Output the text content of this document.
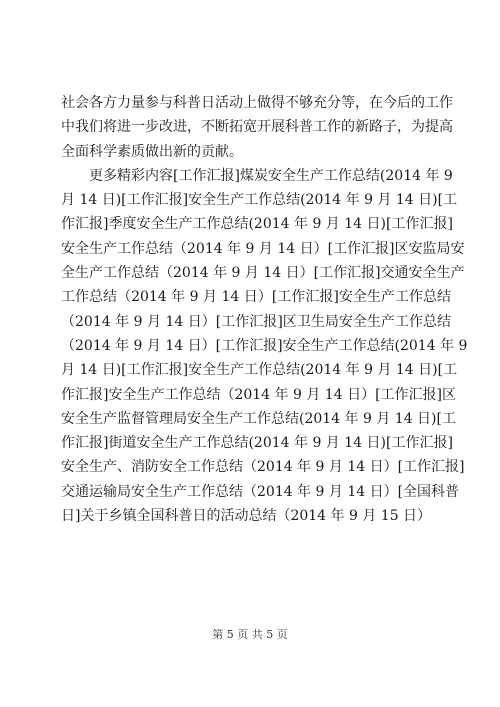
社会各方力量参与科普日活动上做得不够充分等，在今后的工作
中我们将进一步改进，不断拓宽开展科普工作的新路子，为提高
全面科学素质做出新的贡献。
更多精彩内容[工作汇报]煤炭安全生产工作总结(2014 年 9
月 14 日)[工作汇报]安全生产工作总结(2014 年 9 月 14 日)[工
作汇报]季度安全生产工作总结(2014 年 9 月 14 日)[工作汇报]
安全生产工作总结（2014 年 9 月 14 日）[工作汇报]区安监局安
全生产工作总结（2014 年 9 月 14 日）[工作汇报]交通安全生产
工作总结（2014 年 9 月 14 日）[工作汇报]安全生产工作总结
（2014 年 9 月 14 日）[工作汇报]区卫生局安全生产工作总结
（2014 年 9 月 14 日）[工作汇报]安全生产工作总结(2014 年 9
月 14 日)[工作汇报]安全生产工作总结(2014 年 9 月 14 日)[工
作汇报]安全生产工作总结（2014 年 9 月 14 日）[工作汇报]区
安全生产监督管理局安全生产工作总结(2014 年 9 月 14 日)[工
作汇报]街道安全生产工作总结(2014 年 9 月 14 日)[工作汇报]
安全生产、消防安全工作总结（2014 年 9 月 14 日）[工作汇报]
交通运输局安全生产工作总结（2014 年 9 月 14 日）[全国科普
日]关于乡镇全国科普日的活动总结（2014 年 9 月 15 日）
第 5 页 共 5 页
